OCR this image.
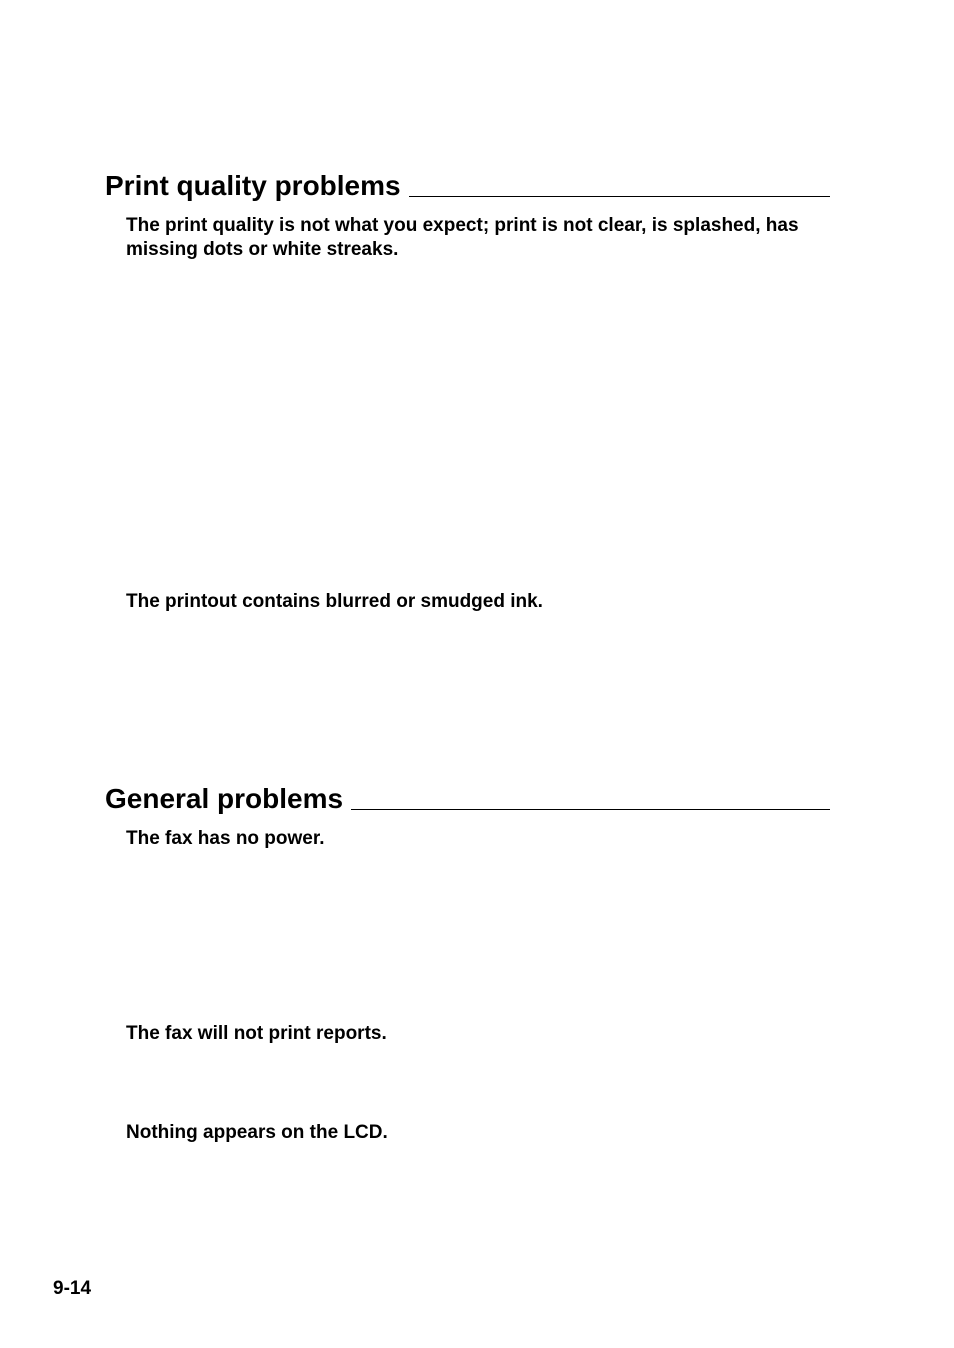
Print quality problems
The print quality is not what you expect; print is not clear, is splashed, has missing dots or white streaks.
The printout contains blurred or smudged ink.
General problems
The fax has no power.
The fax will not print reports.
Nothing appears on the LCD.
9-14
